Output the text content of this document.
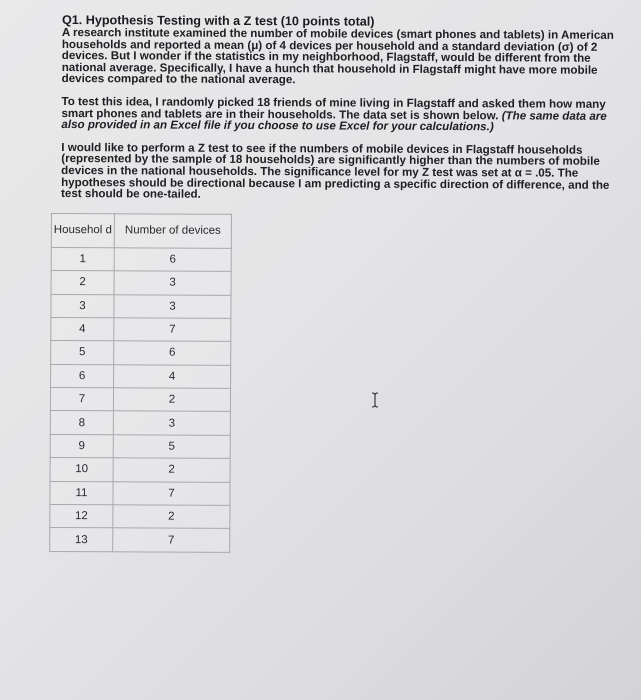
Q1. Hypothesis Testing with a Z test (10 points total)

A research institute examined the number of mobile devices (smart phones and tablets) in American households and reported a mean (μ) of 4 devices per household and a standard deviation (σ) of 2 devices. But I wonder if the statistics in my neighborhood, Flagstaff, would be different from the national average. Specifically, I have a hunch that household in Flagstaff might have more mobile devices compared to the national average.

To test this idea, I randomly picked 18 friends of mine living in Flagstaff and asked them how many smart phones and tablets are in their households. The data set is shown below. (The same data are also provided in an Excel file if you choose to use Excel for your calculations.)

I would like to perform a Z test to see if the numbers of mobile devices in Flagstaff households (represented by the sample of 18 households) are significantly higher than the numbers of mobile devices in the national households. The significance level for my Z test was set at α = .05. The hypotheses should be directional because I am predicting a specific direction of difference, and the test should be one-tailed.

Househol d	Number of devices
1	6
2	3
3	3
4	7
5	6
6	4
7	2
8	3
9	5
10	2
11	7
12	2
13	7
